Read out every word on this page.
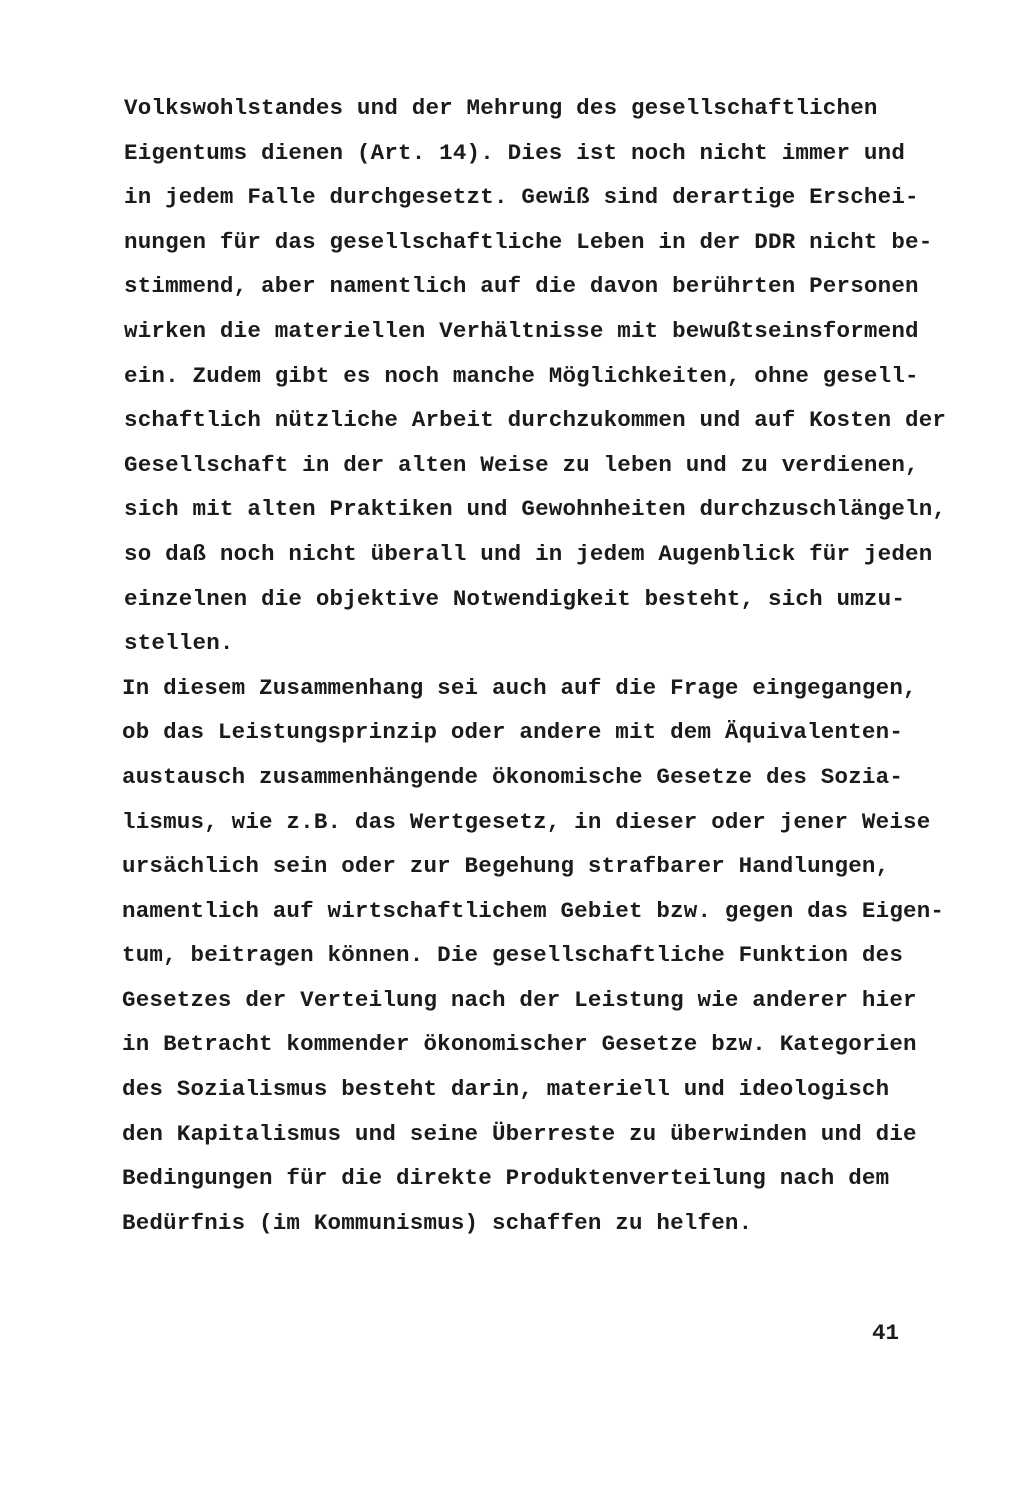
Volkswohlstandes und der Mehrung des gesellschaftlichen
Eigentums dienen (Art. 14). Dies ist noch nicht immer und
in jedem Falle durchgesetzt. Gewiß sind derartige Erschei-
nungen für das gesellschaftliche Leben in der DDR nicht be-
stimmend, aber namentlich auf die davon berührten Personen
wirken die materiellen Verhältnisse mit bewußtseinsformend
ein. Zudem gibt es noch manche Möglichkeiten, ohne gesell-
schaftlich nützliche Arbeit durchzukommen und auf Kosten der
Gesellschaft in der alten Weise zu leben und zu verdienen,
sich mit alten Praktiken und Gewohnheiten durchzuschlängeln,
so daß noch nicht überall und in jedem Augenblick für jeden
einzelnen die objektive Notwendigkeit besteht, sich umzu-
stellen.
In diesem Zusammenhang sei auch auf die Frage eingegangen,
ob das Leistungsprinzip oder andere mit dem Äquivalenten-
austausch zusammenhängende ökonomische Gesetze des Sozia-
lismus, wie z.B. das Wertgesetz, in dieser oder jener Weise
ursächlich sein oder zur Begehung strafbarer Handlungen,
namentlich auf wirtschaftlichem Gebiet bzw. gegen das Eigen-
tum, beitragen können. Die gesellschaftliche Funktion des
Gesetzes der Verteilung nach der Leistung wie anderer hier
in Betracht kommender ökonomischer Gesetze bzw. Kategorien
des Sozialismus besteht darin, materiell und ideologisch
den Kapitalismus und seine Überreste zu überwinden und die
Bedingungen für die direkte Produktenverteilung nach dem
Bedürfnis (im Kommunismus) schaffen zu helfen.
41
